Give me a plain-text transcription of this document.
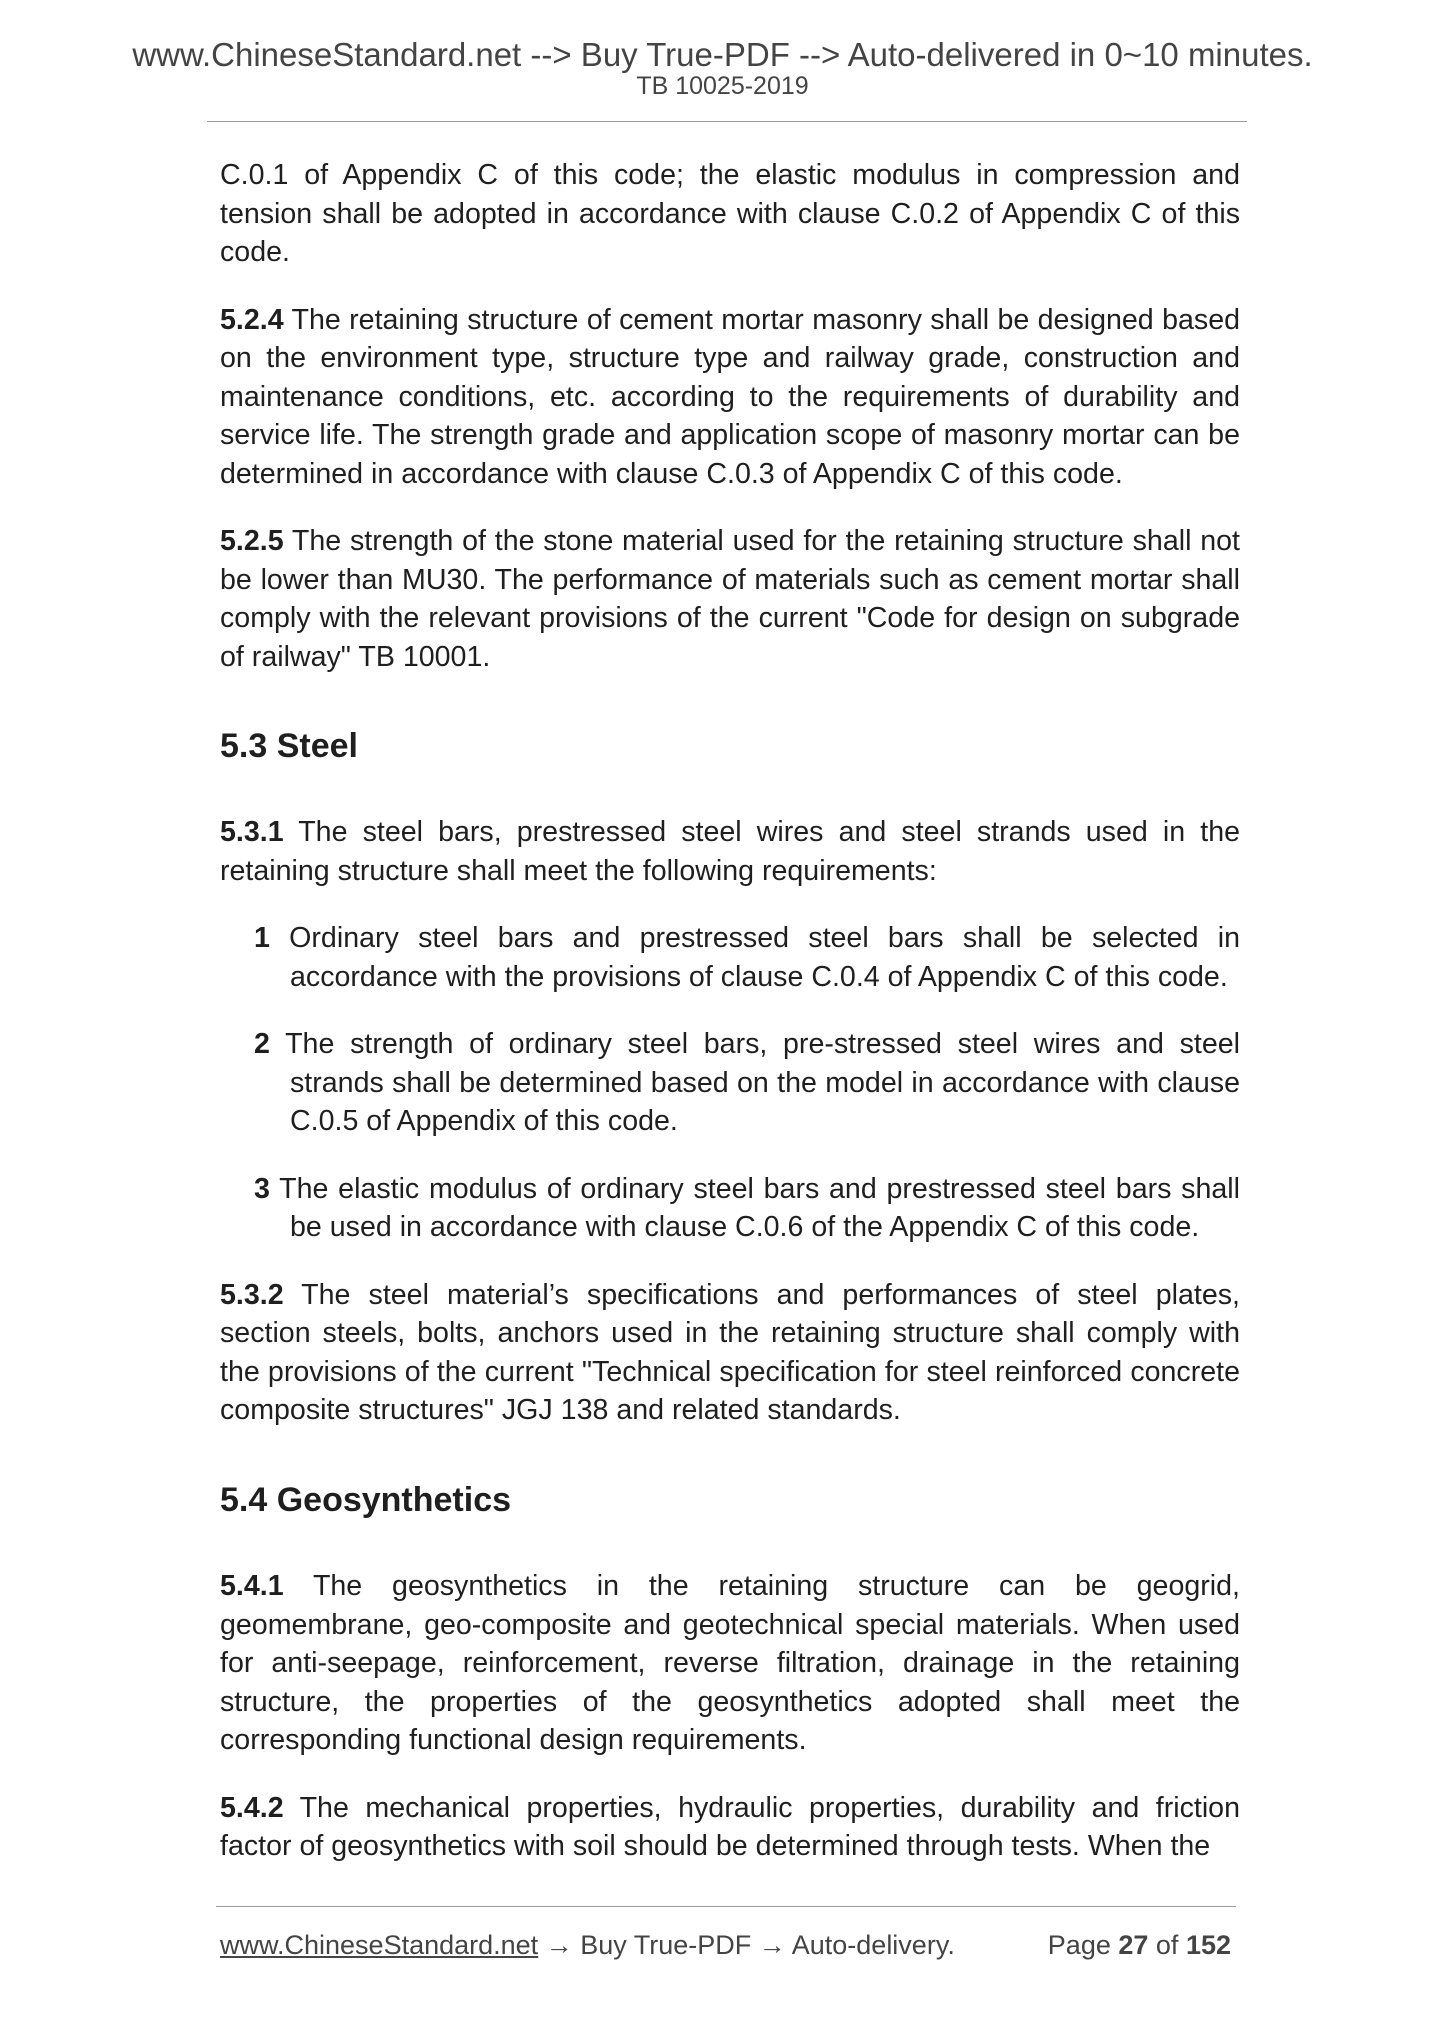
www.ChineseStandard.net --> Buy True-PDF --> Auto-delivered in 0~10 minutes.
TB 10025-2019

C.0.1 of Appendix C of this code; the elastic modulus in compression and tension shall be adopted in accordance with clause C.0.2 of Appendix C of this code.

5.2.4 The retaining structure of cement mortar masonry shall be designed based on the environment type, structure type and railway grade, construction and maintenance conditions, etc. according to the requirements of durability and service life. The strength grade and application scope of masonry mortar can be determined in accordance with clause C.0.3 of Appendix C of this code.

5.2.5 The strength of the stone material used for the retaining structure shall not be lower than MU30. The performance of materials such as cement mortar shall comply with the relevant provisions of the current "Code for design on subgrade of railway" TB 10001.

5.3 Steel

5.3.1 The steel bars, prestressed steel wires and steel strands used in the retaining structure shall meet the following requirements:

1 Ordinary steel bars and prestressed steel bars shall be selected in accordance with the provisions of clause C.0.4 of Appendix C of this code.

2 The strength of ordinary steel bars, pre-stressed steel wires and steel strands shall be determined based on the model in accordance with clause C.0.5 of Appendix of this code.

3 The elastic modulus of ordinary steel bars and prestressed steel bars shall be used in accordance with clause C.0.6 of the Appendix C of this code.

5.3.2 The steel material’s specifications and performances of steel plates, section steels, bolts, anchors used in the retaining structure shall comply with the provisions of the current "Technical specification for steel reinforced concrete composite structures" JGJ 138 and related standards.

5.4 Geosynthetics

5.4.1 The geosynthetics in the retaining structure can be geogrid, geomembrane, geo-composite and geotechnical special materials. When used for anti-seepage, reinforcement, reverse filtration, drainage in the retaining structure, the properties of the geosynthetics adopted shall meet the corresponding functional design requirements.

5.4.2 The mechanical properties, hydraulic properties, durability and friction factor of geosynthetics with soil should be determined through tests. When the

www.ChineseStandard.net → Buy True-PDF → Auto-delivery.	Page 27 of 152
